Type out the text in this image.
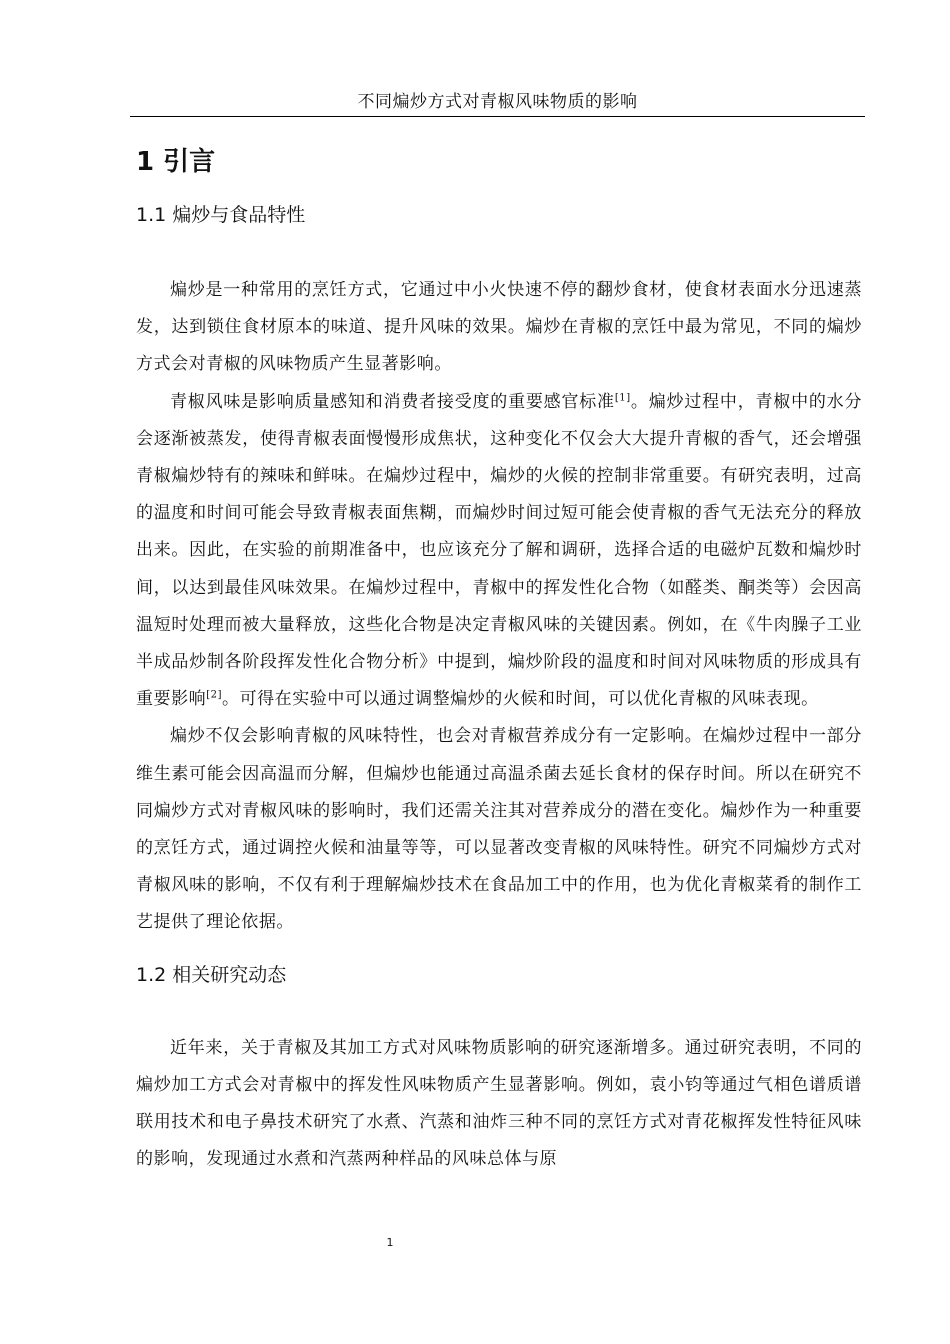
不同煸炒方式对青椒风味物质的影响
1 引言
1.1 煸炒与食品特性

煸炒是一种常用的烹饪方式，它通过中小火快速不停的翻炒食材，使食材表面水分迅速蒸发，达到锁住食材原本的味道、提升风味的效果。煸炒在青椒的烹饪中最为常见，不同的煸炒方式会对青椒的风味物质产生显著影响。

青椒风味是影响质量感知和消费者接受度的重要感官标准[1]。煸炒过程中，青椒中的水分会逐渐被蒸发，使得青椒表面慢慢形成焦状，这种变化不仅会大大提升青椒的香气，还会增强青椒煸炒特有的辣味和鲜味。在煸炒过程中，煸炒的火候的控制非常重要。有研究表明，过高的温度和时间可能会导致青椒表面焦糊，而煸炒时间过短可能会使青椒的香气无法充分的释放出来。因此，在实验的前期准备中，也应该充分了解和调研，选择合适的电磁炉瓦数和煸炒时间，以达到最佳风味效果。在煸炒过程中，青椒中的挥发性化合物（如醛类、酮类等）会因高温短时处理而被大量释放，这些化合物是决定青椒风味的关键因素。例如，在《牛肉臊子工业半成品炒制各阶段挥发性化合物分析》中提到，煸炒阶段的温度和时间对风味物质的形成具有重要影响[2]。可得在实验中可以通过调整煸炒的火候和时间，可以优化青椒的风味表现。

煸炒不仅会影响青椒的风味特性，也会对青椒营养成分有一定影响。在煸炒过程中一部分维生素可能会因高温而分解，但煸炒也能通过高温杀菌去延长食材的保存时间。所以在研究不同煸炒方式对青椒风味的影响时，我们还需关注其对营养成分的潜在变化。煸炒作为一种重要的烹饪方式，通过调控火候和油量等等，可以显著改变青椒的风味特性。研究不同煸炒方式对青椒风味的影响，不仅有利于理解煸炒技术在食品加工中的作用，也为优化青椒菜肴的制作工艺提供了理论依据。

1.2 相关研究动态

近年来，关于青椒及其加工方式对风味物质影响的研究逐渐增多。通过研究表明，不同的煸炒加工方式会对青椒中的挥发性风味物质产生显著影响。例如，袁小钧等通过气相色谱质谱联用技术和电子鼻技术研究了水煮、汽蒸和油炸三种不同的烹饪方式对青花椒挥发性特征风味的影响，发现通过水煮和汽蒸两种样品的风味总体与原

1
